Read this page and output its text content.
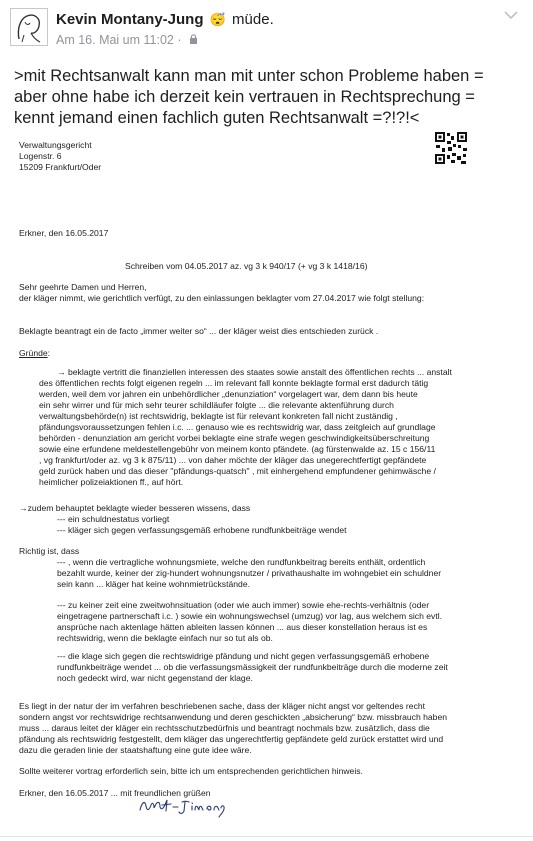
Kevin Montany-Jung 😴 müde.
Am 16. Mai um 11:02 ·
>mit Rechtsanwalt kann man mit unter schon Probleme haben = aber ohne habe ich derzeit kein vertrauen in Rechtsprechung = kennt jemand einen fachlich guten Rechtsanwalt =?!?!<
Verwaltungsgericht
Logenstr. 6
15209 Frankfurt/Oder
Erkner, den 16.05.2017
Schreiben vom 04.05.2017 az. vg 3 k 940/17 (+ vg 3 k 1418/16)
Sehr geehrte Damen und Herren,
der kläger nimmt, wie gerichtlich verfügt, zu den einlassungen beklagter vom 27.04.2017 wie folgt stellung:
Beklagte beantragt ein de facto „immer weiter so“ ... der kläger weist dies entschieden zurück .
Gründe:
→ beklagte vertritt die finanziellen interessen des staates sowie anstalt des öffentlichen rechts ... anstalt
des öffentlichen rechts folgt eigenen regeln ... im relevant fall konnte beklagte formal erst dadurch tätig
werden, weil dem vor jahren ein unbehördlicher „denunziation“ vorgelagert war, dem dann bis heute
ein sehr wirrer und für mich sehr teurer schildläufer folgte ... die relevante aktenführung durch
verwaltungsbehörde(n) ist rechtswidrig, beklagte ist für relevant konkreten fall nicht zuständig ,
pfändungsvoraussetzungen fehlen i.c. ... genauso wie es rechtswidrig war, dass zeitgleich auf grundlage
behörden - denunziation am gericht vorbei beklagte eine strafe wegen geschwindigkeitsüberschreitung
sowie eine erfundene meldestellengebühr von meinem konto pfändete. (ag fürstenwalde az. 15 c 156/11
, vg frankfurt/oder az. vg 3 k 875/11) ... von daher möchte der kläger das unegerechtfertigt gepfändete
geld zurück haben und das dieser "pfändungs-quatsch" , mit einhergehend empfundener gehimwäsche /
heimlicher polizeiaktionen ff., auf hört.
→zudem behauptet beklagte wieder besseren wissens, dass
--- ein schuldnestatus vorliegt
--- kläger sich gegen verfassungsgemäß erhobene rundfunkbeiträge wendet
Richtig ist, dass
--- , wenn die vertragliche wohnungsmiete, welche den rundfunkbeitrag bereits enthält, ordentlich
bezahlt wurde, keiner der zig-hundert wohnungsnutzer / privathaushalte im wohngebiet ein schuldner
sein kann ... kläger hat keine wohnmietrückstände.
--- zu keiner zeit eine zweitwohnsituation (oder wie auch immer) sowie ehe-rechts-verhältnis (oder
eingetragene partnerschaft i.c. ) sowie ein wohnungswechsel (umzug) vor lag, aus welchem sich evtl.
ansprüche nach aktenlage hätten ableiten lassen können ... aus dieser konstellation heraus ist es
rechtswidrig, wenn die beklagte einfach nur so tut als ob.
--- die klage sich gegen die rechtswidrige pfändung und nicht gegen verfassungsgemäß erhobene
rundfunkbeiträge wendet ... ob die verfassungsmässigkeit der rundfunkbeiträge durch die moderne zeit
noch gedeckt wird, war nicht gegenstand der klage.
Es liegt in der natur der im verfahren beschriebenen sache, dass der kläger nicht angst vor geltendes recht
sondern angst vor rechtswidrige rechtsanwendung und deren geschickten „absicherung“ bzw. missbrauch haben
muss ... daraus leitet der kläger ein rechtsschutzbedürfnis und beantragt nochmals bzw. zusätzlich, dass die
pfändung als rechtswidrig festgestellt, dem kläger das ungerechtfertig gepfändete geld zurück erstattet wird und
dazu die geraden linie der staatshaftung eine gute idee wäre.
Sollte weiterer vortrag erforderlich sein, bitte ich um entsprechenden gerichtlichen hinweis.
Erkner, den 16.05.2017 ... mit freundlichen grüßen
